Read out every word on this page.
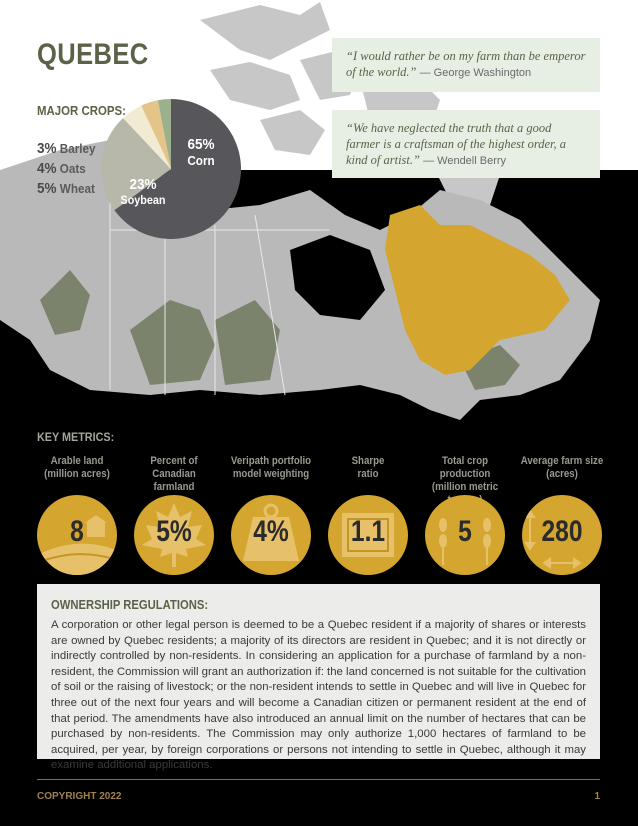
QUEBEC
MAJOR CROPS:
3% Barley
4% Oats
5% Wheat
65%
Corn
23%
Soybean
“I would rather be on my farm than be emperor of the world.” — George Washington
“We have neglected the truth that a good farmer is a craftsman of the highest order, a kind of artist.” — Wendell Berry
KEY METRICS:
Arable land
(million acres)
8
Percent of
Canadian farmland
5%
Veripath portfolio
model weighting
4%
Sharpe
ratio
1.1
Total crop production
(million metric
5
Average farm size
(acres)
280
OWNERSHIP REGULATIONS:
A corporation or other legal person is deemed to be a Quebec resident if a majority of shares or interests are owned by Quebec residents; a majority of its directors are resident in Quebec; and it is not directly or indirectly controlled by non-residents. In considering an application for a purchase of farmland by a non-resident, the Commission will grant an authorization if: the land concerned is not suitable for the cultivation of soil or the raising of livestock; or the non-resident intends to settle in Quebec and will live in Quebec for three out of the next four years and will become a Canadian citizen or permanent resident at the end of that period. The amendments have also introduced an annual limit on the number of hectares that can be purchased by non-residents. The Commission may only authorize 1,000 hectares of farmland to be acquired, per year, by foreign corporations or persons not intending to settle in Quebec, although it may examine additional applications.
COPYRIGHT 2022	1
